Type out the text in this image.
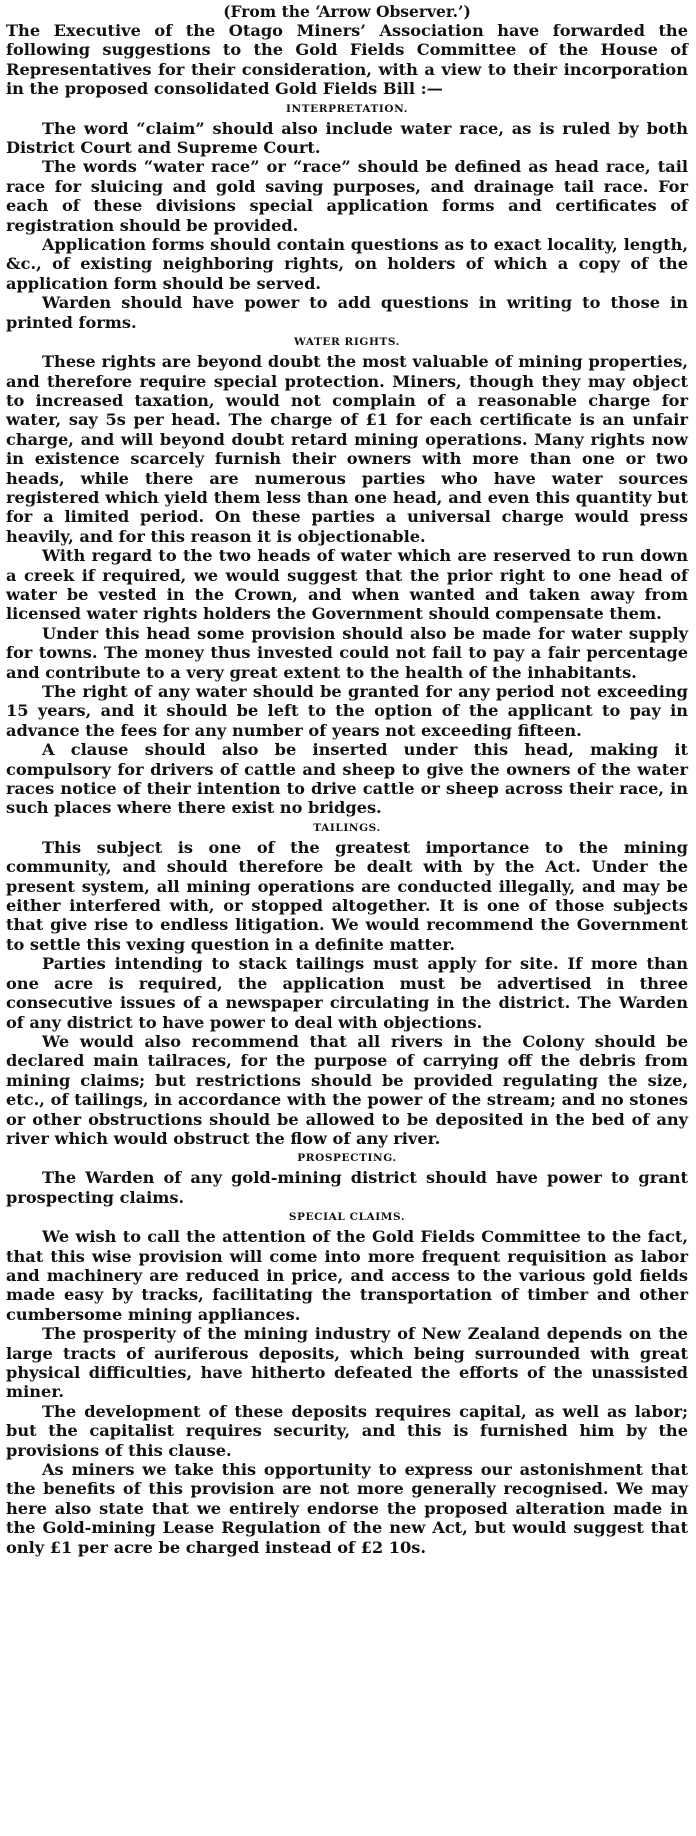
(From the ‘Arrow Observer.’)

The Executive of the Otago Miners’ Association have forwarded the following suggestions to the Gold Fields Committee of the House of Representatives for their consideration, with a view to their incorporation in the proposed consolidated Gold Fields Bill :—

INTERPRETATION.

The word “claim” should also include water race, as is ruled by both District Court and Supreme Court.

The words “water race” or “race” should be defined as head race, tail race for sluicing and gold saving purposes, and drainage tail race. For each of these divisions special application forms and certificates of registration should be provided.

Application forms should contain questions as to exact locality, length, &c., of existing neighboring rights, on holders of which a copy of the application form should be served.

Warden should have power to add questions in writing to those in printed forms.

WATER RIGHTS.

These rights are beyond doubt the most valuable of mining properties, and therefore require special protection. Miners, though they may object to increased taxation, would not complain of a reasonable charge for water, say 5s per head. The charge of £1 for each certificate is an unfair charge, and will beyond doubt retard mining operations. Many rights now in existence scarcely furnish their owners with more than one or two heads, while there are numerous parties who have water sources registered which yield them less than one head, and even this quantity but for a limited period. On these parties a universal charge would press heavily, and for this reason it is objectionable.

With regard to the two heads of water which are reserved to run down a creek if required, we would suggest that the prior right to one head of water be vested in the Crown, and when wanted and taken away from licensed water rights holders the Government should compensate them.

Under this head some provision should also be made for water supply for towns. The money thus invested could not fail to pay a fair percentage and contribute to a very great extent to the health of the inhabitants.

The right of any water should be granted for any period not exceeding 15 years, and it should be left to the option of the applicant to pay in advance the fees for any number of years not exceeding fifteen.

A clause should also be inserted under this head, making it compulsory for drivers of cattle and sheep to give the owners of the water races notice of their intention to drive cattle or sheep across their race, in such places where there exist no bridges.

TAILINGS.

This subject is one of the greatest importance to the mining community, and should therefore be dealt with by the Act. Under the present system, all mining operations are conducted illegally, and may be either interfered with, or stopped altogether. It is one of those subjects that give rise to endless litigation. We would recommend the Government to settle this vexing question in a definite matter.

Parties intending to stack tailings must apply for site. If more than one acre is required, the application must be advertised in three consecutive issues of a newspaper circulating in the district. The Warden of any district to have power to deal with objections.

We would also recommend that all rivers in the Colony should be declared main tailraces, for the purpose of carrying off the debris from mining claims; but restrictions should be provided regulating the size, etc., of tailings, in accordance with the power of the stream; and no stones or other obstructions should be allowed to be deposited in the bed of any river which would obstruct the flow of any river.

PROSPECTING.

The Warden of any gold-mining district should have power to grant prospecting claims.

SPECIAL CLAIMS.

We wish to call the attention of the Gold Fields Committee to the fact, that this wise provision will come into more frequent requisition as labor and machinery are reduced in price, and access to the various gold fields made easy by tracks, facilitating the transportation of timber and other cumbersome mining appliances.

The prosperity of the mining industry of New Zealand depends on the large tracts of auriferous deposits, which being surrounded with great physical difficulties, have hitherto defeated the efforts of the unassisted miner.

The development of these deposits requires capital, as well as labor; but the capitalist requires security, and this is furnished him by the provisions of this clause.

As miners we take this opportunity to express our astonishment that the benefits of this provision are not more generally recognised. We may here also state that we entirely endorse the proposed alteration made in the Gold-mining Lease Regulation of the new Act, but would suggest that only £1 per acre be charged instead of £2 10s.
